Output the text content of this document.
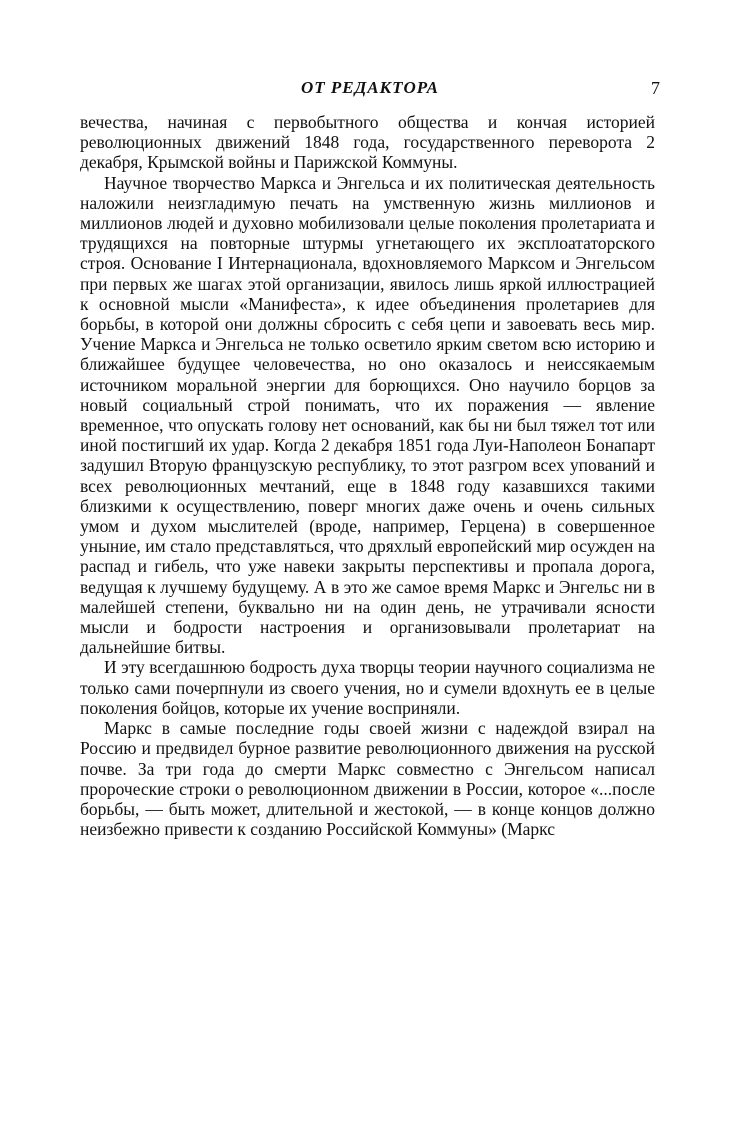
ОТ РЕДАКТОРА	7

вечества, начиная с первобытного общества и кончая историей революционных движений 1848 года, государственного переворота 2 декабря, Крымской войны и Парижской Коммуны.

Научное творчество Маркса и Энгельса и их политическая деятельность наложили неизгладимую печать на умственную жизнь миллионов и миллионов людей и духовно мобилизовали целые поколения пролетариата и трудящихся на повторные штурмы угнетающего их эксплоататорского строя. Основание I Интернационала, вдохновляемого Марксом и Энгельсом при первых же шагах этой организации, явилось лишь яркой иллюстрацией к основной мысли «Манифеста», к идее объединения пролетариев для борьбы, в которой они должны сбросить с себя цепи и завоевать весь мир. Учение Маркса и Энгельса не только осветило ярким светом всю историю и ближайшее будущее человечества, но оно оказалось и неиссякаемым источником моральной энергии для борющихся. Оно научило борцов за новый социальный строй понимать, что их поражения — явление временное, что опускать голову нет оснований, как бы ни был тяжел тот или иной постигший их удар. Когда 2 декабря 1851 года Луи-Наполеон Бонапарт задушил Вторую французскую республику, то этот разгром всех упований и всех революционных мечтаний, еще в 1848 году казавшихся такими близкими к осуществлению, поверг многих даже очень и очень сильных умом и духом мыслителей (вроде, например, Герцена) в совершенное уныние, им стало представляться, что дряхлый европейский мир осужден на распад и гибель, что уже навеки закрыты перспективы и пропала дорога, ведущая к лучшему будущему. А в это же самое время Маркс и Энгельс ни в малейшей степени, буквально ни на один день, не утрачивали ясности мысли и бодрости настроения и организовывали пролетариат на дальнейшие битвы.

И эту всегдашнюю бодрость духа творцы теории научного социализма не только сами почерпнули из своего учения, но и сумели вдохнуть ее в целые поколения бойцов, которые их учение восприняли.

Маркс в самые последние годы своей жизни с надеждой взирал на Россию и предвидел бурное развитие революционного движения на русской почве. За три года до смерти Маркс совместно с Энгельсом написал пророческие строки о революционном движении в России, которое «...после борьбы, — быть может, длительной и жестокой, — в конце концов должно неизбежно привести к созданию Российской Коммуны» (Маркс
